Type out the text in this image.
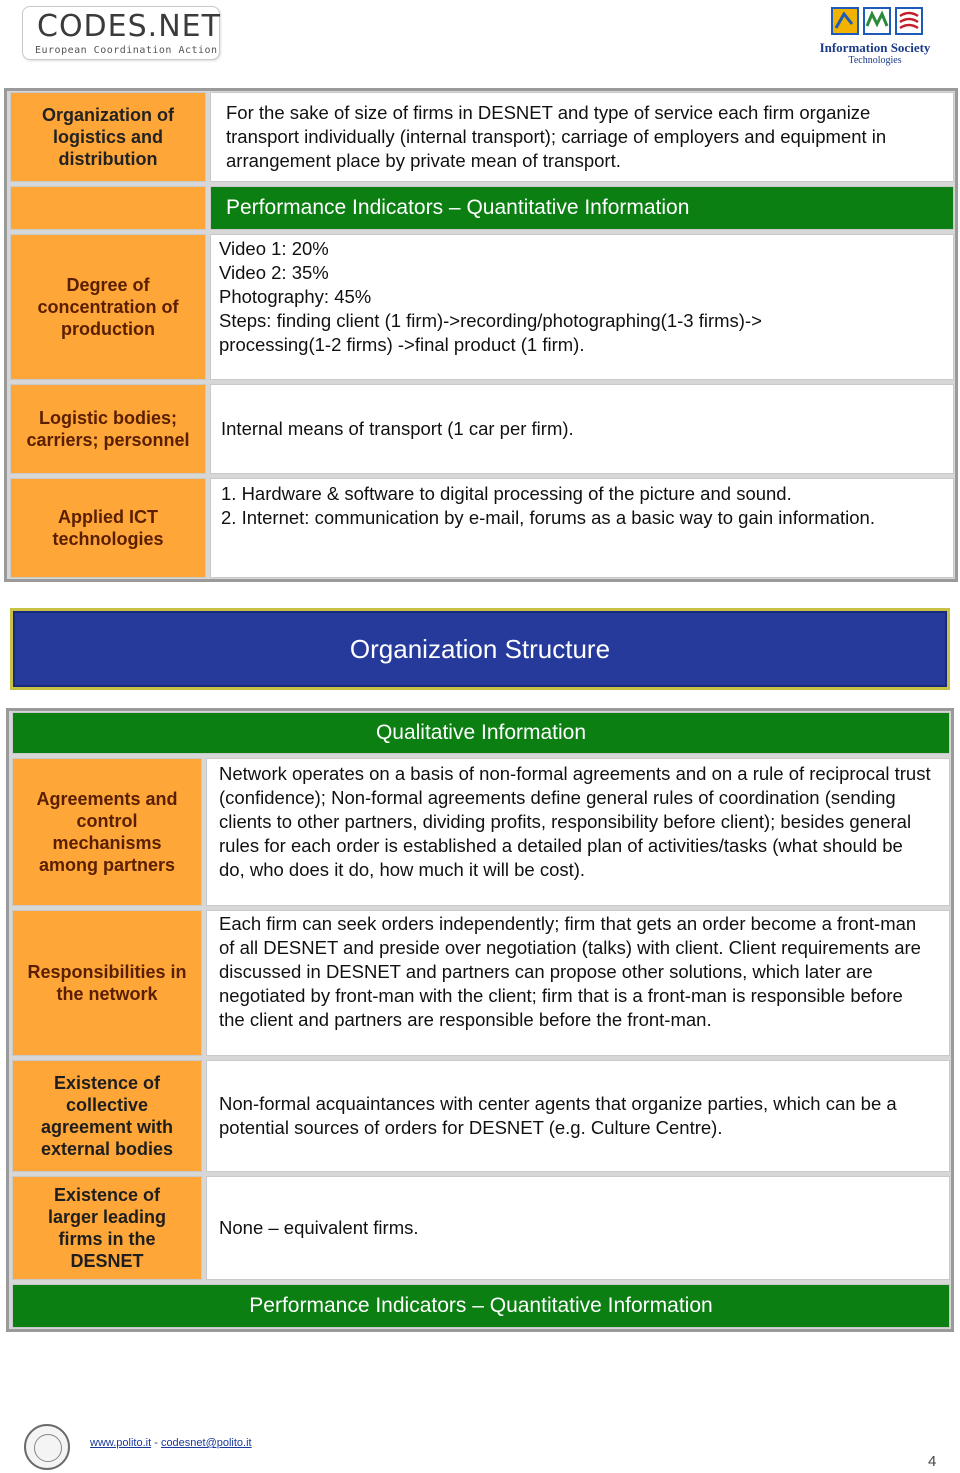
CODES.NET
European Coordination Action	Information Society
Technologies
Organization of logistics and distribution
For the sake of size of firms in DESNET and type of service each firm organize transport individually (internal transport); carriage of employers and equipment in arrangement place by private mean of transport.
Performance Indicators – Quantitative Information
Degree of concentration of production
Video 1: 20%
Video 2: 35%
Photography: 45%
Steps: finding client (1 firm)->recording/photographing(1-3 firms)-> processing(1-2 firms) ->final product (1 firm).
Logistic bodies; carriers; personnel
Internal means of transport (1 car per firm).
Applied ICT technologies
1. Hardware & software to digital processing of the picture and sound.
2. Internet: communication by e-mail, forums as a basic way to gain information.
Organization Structure
Qualitative Information
Agreements and control mechanisms among partners
Network operates on a basis of non-formal agreements and on a rule of reciprocal trust (confidence); Non-formal agreements define general rules of coordination (sending clients to other partners, dividing profits, responsibility before client); besides general rules for each order is established a detailed plan of activities/tasks (what should be do, who does it do, how much it will be cost).
Responsibilities in the network
Each firm can seek orders independently; firm that gets an order become a front-man of all DESNET and preside over negotiation (talks) with client. Client requirements are discussed in DESNET and partners can propose other solutions, which later are negotiated by front-man with the client; firm that is a front-man is responsible before the client and partners are responsible before the front-man.
Existence of collective agreement with external bodies
Non-formal acquaintances with center agents that organize parties, which can be a potential sources of orders for DESNET (e.g. Culture Centre).
Existence of larger leading firms in the DESNET
None – equivalent firms.
Performance Indicators – Quantitative Information
www.polito.it - codesnet@polito.it
4
